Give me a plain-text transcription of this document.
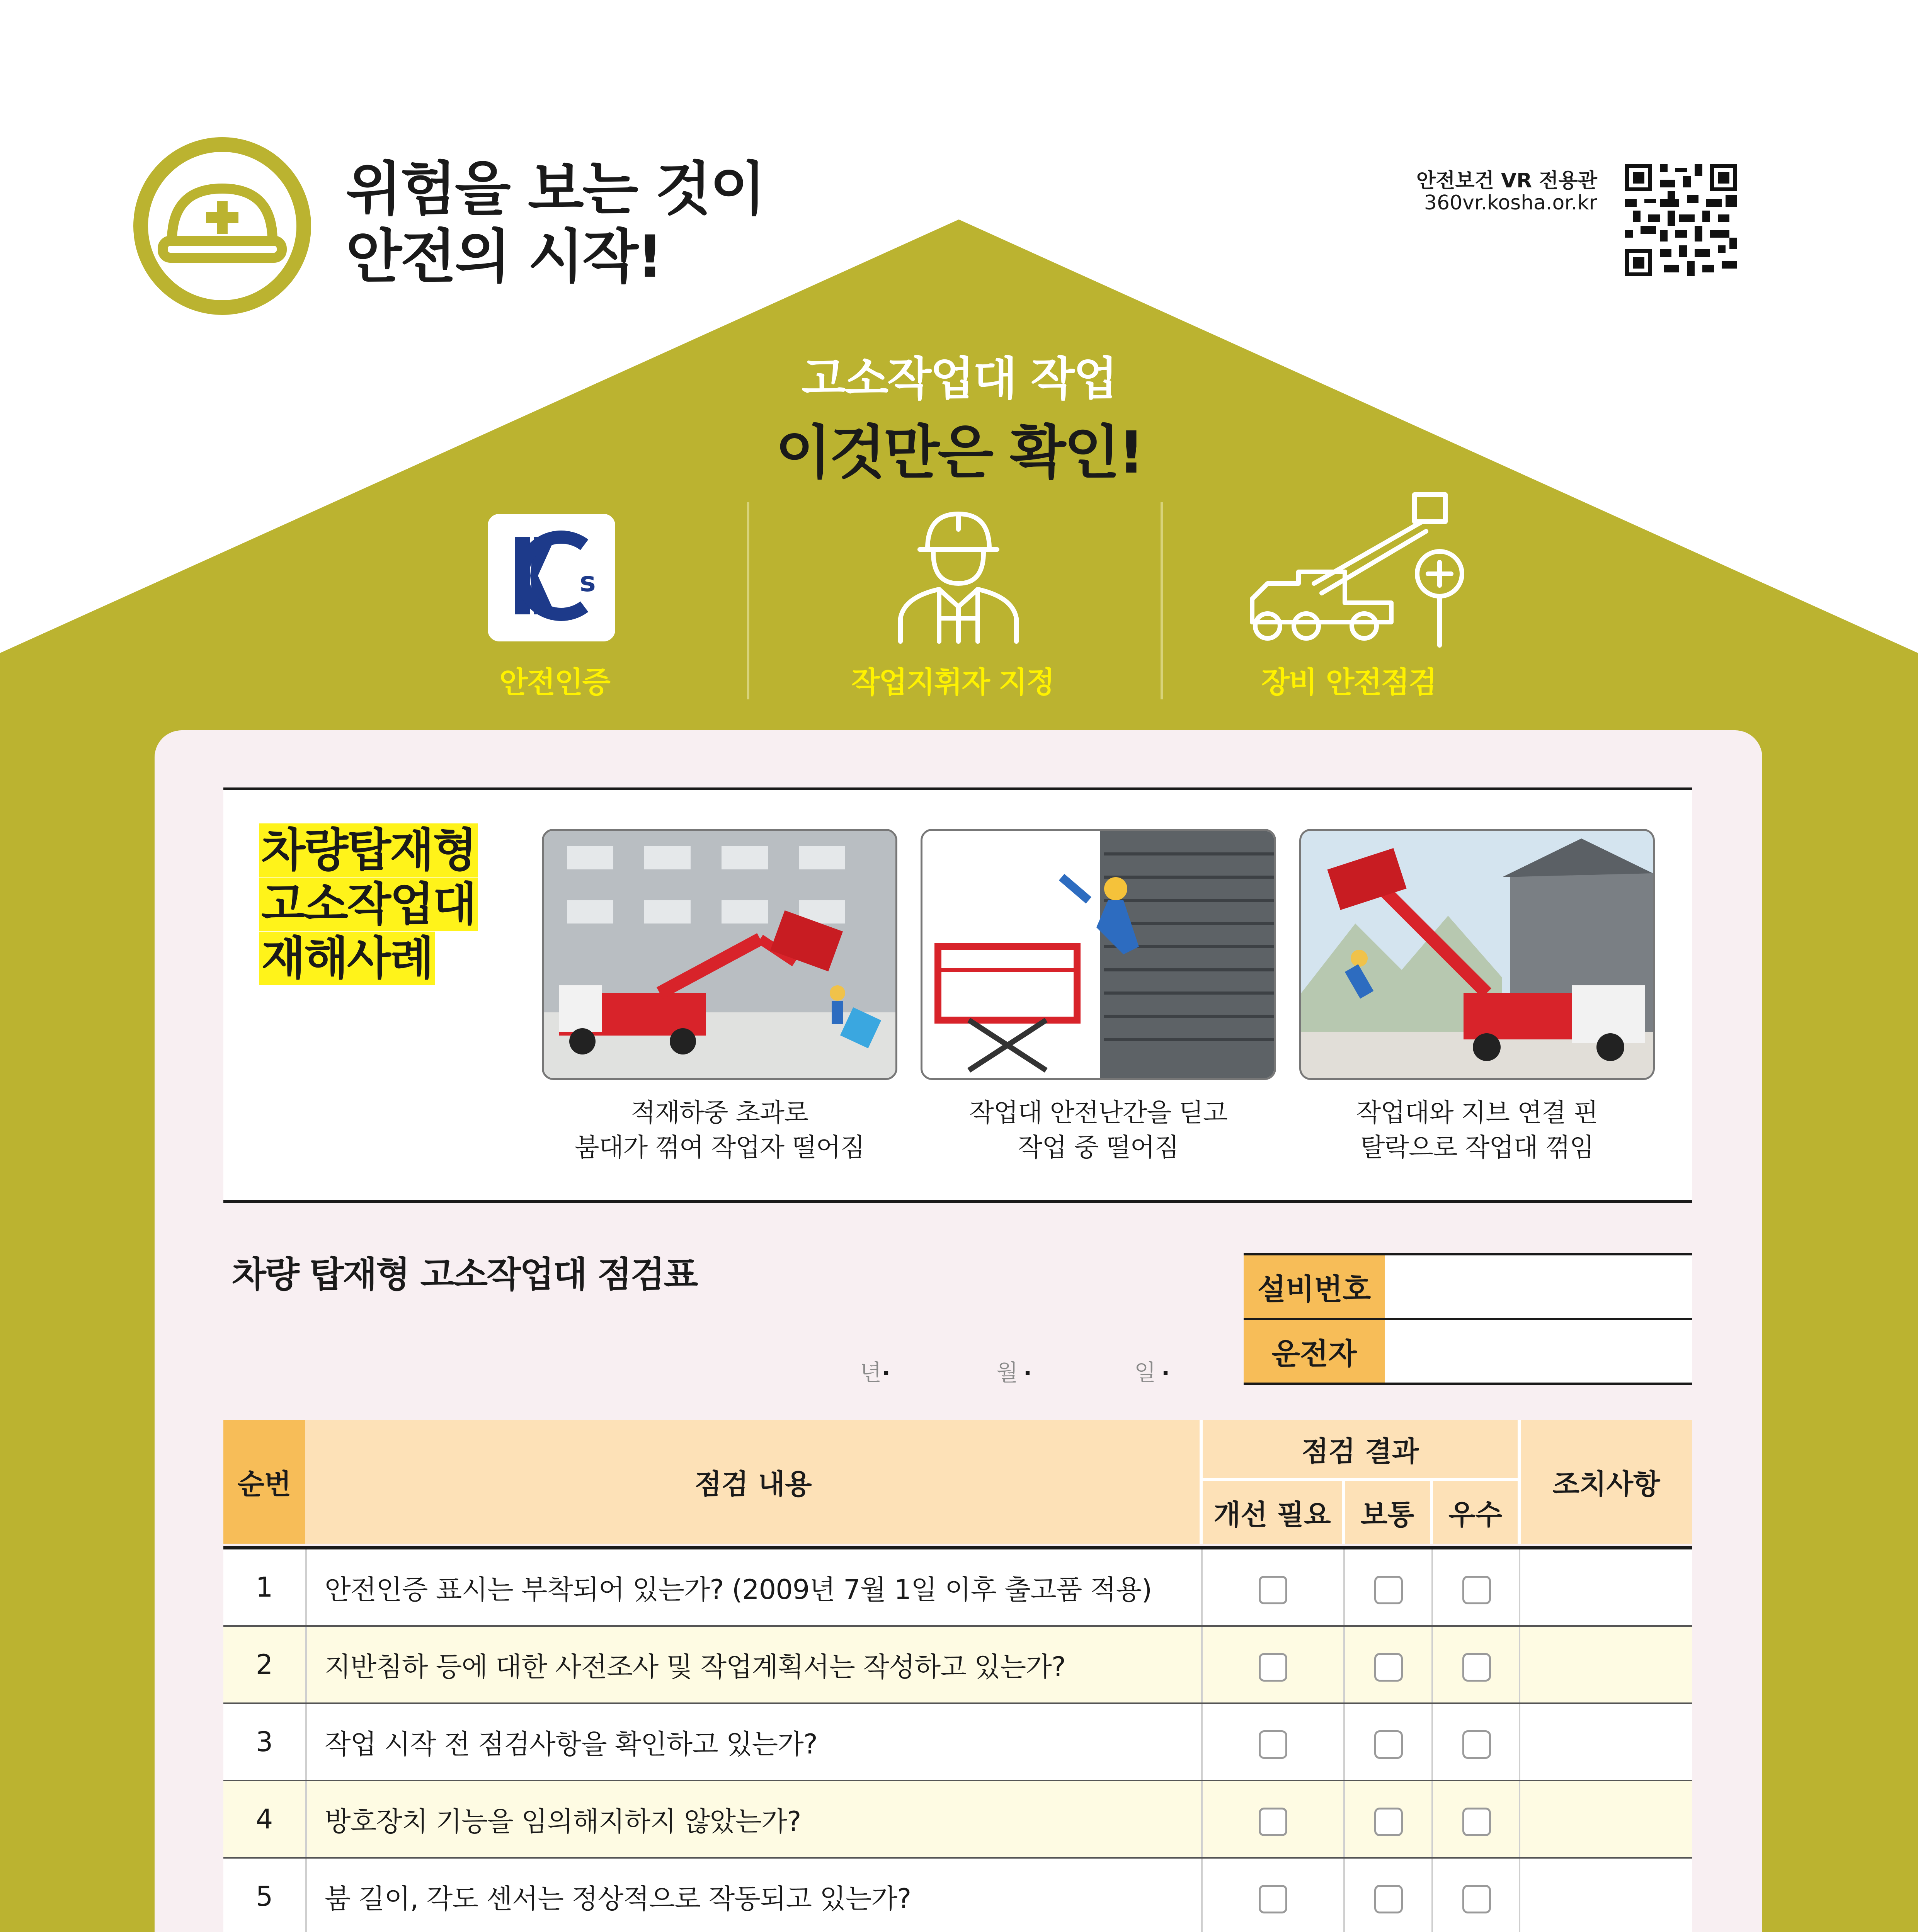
위험을 보는 것이
안전의 시작!
안전보건 VR 전용관
360vr.kosha.or.kr
고소작업대 작업
이것만은 확인!
s
안전인증	작업지휘자 지정	장비 안전점검
차량탑재형
고소작업대
재해사례
적재하중 초과로
붐대가 꺾여 작업자 떨어짐
작업대 안전난간을 딛고
작업 중 떨어짐
작업대와 지브 연결 핀
탈락으로 작업대 꺾임
차량 탑재형 고소작업대 점검표
년 .	월 .	일 .
설비번호
운전자
순번	점검 내용
점검 결과
개선 필요	보통	우수
조치사항
1	안전인증 표시는 부착되어 있는가? (2009년 7월 1일 이후 출고품 적용)
2	지반침하 등에 대한 사전조사 및 작업계획서는 작성하고 있는가?
3	작업 시작 전 점검사항을 확인하고 있는가?
4	방호장치 기능을 임의해지하지 않았는가?
5	붐 길이, 각도 센서는 정상적으로 작동되고 있는가?
